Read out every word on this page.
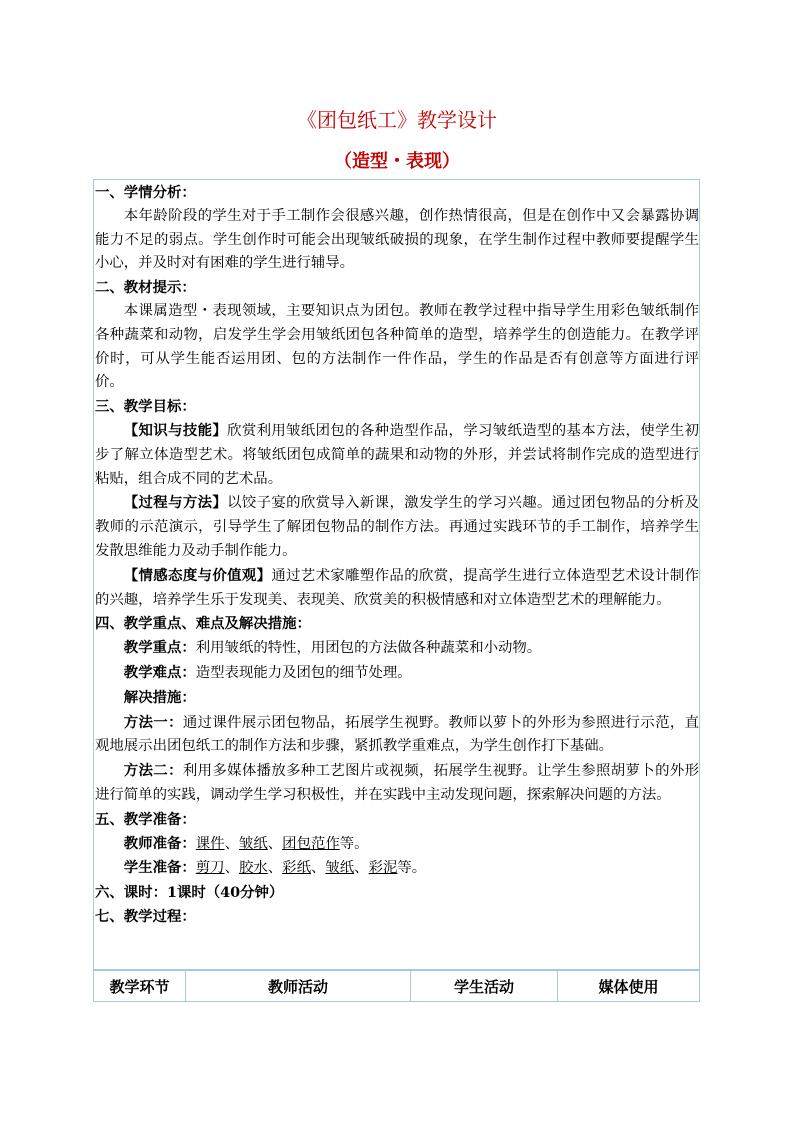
《团包纸工》教学设计
（造型・表现）

一、学情分析：

本年龄阶段的学生对于手工制作会很感兴趣，创作热情很高，但是在创作中又会暴露协调能力不足的弱点。学生创作时可能会出现皱纸破损的现象，在学生制作过程中教师要提醒学生小心，并及时对有困难的学生进行辅导。

二、教材提示：

本课属造型・表现领域，主要知识点为团包。教师在教学过程中指导学生用彩色皱纸制作各种蔬菜和动物，启发学生学会用皱纸团包各种简单的造型，培养学生的创造能力。在教学评价时，可从学生能否运用团、包的方法制作一件作品，学生的作品是否有创意等方面进行评价。

三、教学目标：

【知识与技能】欣赏利用皱纸团包的各种造型作品，学习皱纸造型的基本方法，使学生初步了解立体造型艺术。将皱纸团包成简单的蔬果和动物的外形，并尝试将制作完成的造型进行粘贴，组合成不同的艺术品。

【过程与方法】以饺子宴的欣赏导入新课，激发学生的学习兴趣。通过团包物品的分析及教师的示范演示，引导学生了解团包物品的制作方法。再通过实践环节的手工制作，培养学生发散思维能力及动手制作能力。

【情感态度与价值观】通过艺术家雕塑作品的欣赏，提高学生进行立体造型艺术设计制作的兴趣，培养学生乐于发现美、表现美、欣赏美的积极情感和对立体造型艺术的理解能力。

四、教学重点、难点及解决措施：

教学重点：利用皱纸的特性，用团包的方法做各种蔬菜和小动物。

教学难点：造型表现能力及团包的细节处理。

解决措施：

方法一：通过课件展示团包物品，拓展学生视野。教师以萝卜的外形为参照进行示范，直观地展示出团包纸工的制作方法和步骤，紧抓教学重难点，为学生创作打下基础。

方法二：利用多媒体播放多种工艺图片或视频，拓展学生视野。让学生参照胡萝卜的外形进行简单的实践，调动学生学习积极性，并在实践中主动发现问题，探索解决问题的方法。

五、教学准备：

教师准备：课件、皱纸、团包范作等。

学生准备：剪刀、胶水、彩纸、皱纸、彩泥等。

六、课时：1课时（40分钟）

七、教学过程：

教学环节	教师活动	学生活动	媒体使用
